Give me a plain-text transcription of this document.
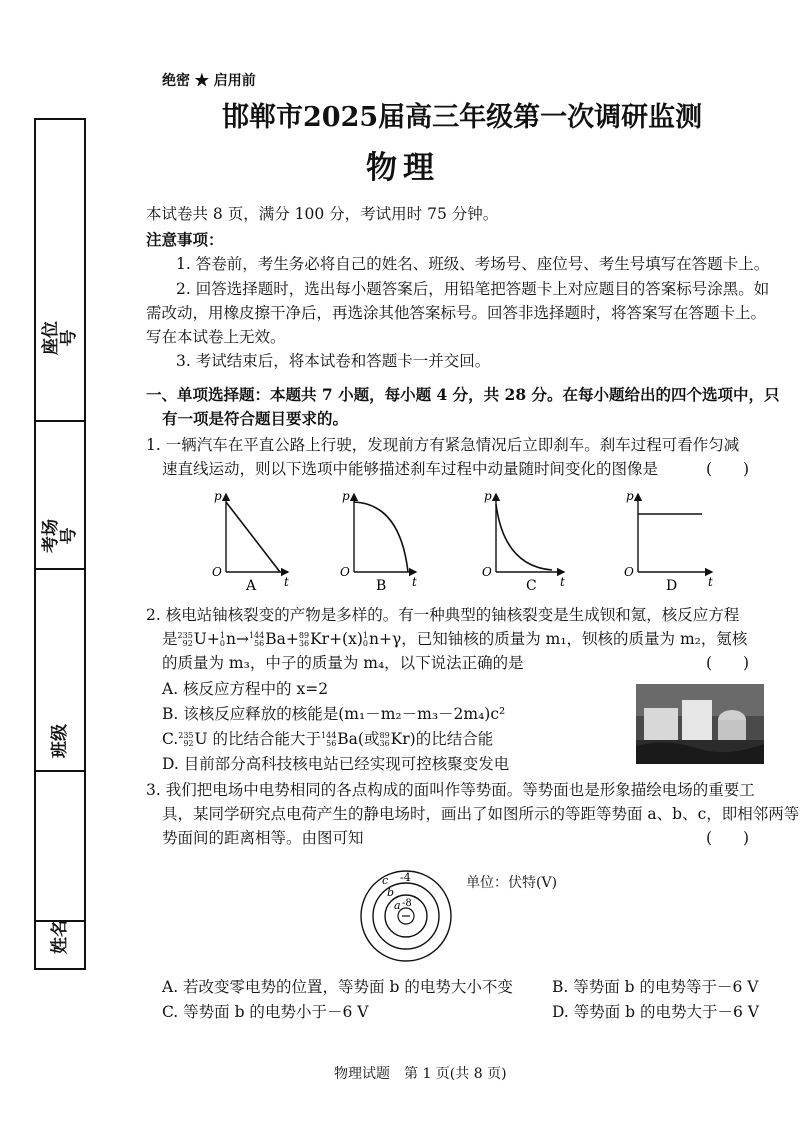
绝密 ★ 启用前
邯郸市2025届高三年级第一次调研监测
物理
座位号
考场号
班级
姓名
本试卷共 8 页，满分 100 分，考试用时 75 分钟。
注意事项：
1. 答卷前，考生务必将自己的姓名、班级、考场号、座位号、考生号填写在答题卡上。
2. 回答选择题时，选出每小题答案后，用铅笔把答题卡上对应题目的答案标号涂黑。如
需改动，用橡皮擦干净后，再选涂其他答案标号。回答非选择题时，将答案写在答题卡上。
写在本试卷上无效。
3. 考试结束后，将本试卷和答题卡一并交回。
一、单项选择题：本题共 7 小题，每小题 4 分，共 28 分。在每小题给出的四个选项中，只
有一项是符合题目要求的。
1. 一辆汽车在平直公路上行驶，发现前方有紧急情况后立即刹车。刹车过程可看作匀减
速直线运动，则以下选项中能够描述刹车过程中动量随时间变化的图像是	(　　)
p
O
t
A
p
O
t
B
p
O
t
C
p
O
t
D
2. 核电站铀核裂变的产物是多样的。有一种典型的铀核裂变是生成钡和氪，核反应方程
是235
92U+1
0n→144
56Ba+89
36Kr+(x)1
0n+γ，已知铀核的质量为 m₁，钡核的质量为 m₂，氪核
的质量为 m₃，中子的质量为 m₄，以下说法正确的是	(　　)
A. 核反应方程中的 x=2
B. 该核反应释放的核能是(m₁－m₂－m₃－2m₄)c²
C.235
92U 的比结合能大于144
56Ba(或89
36Kr)的比结合能
D. 目前部分高科技核电站已经实现可控核聚变发电
3. 我们把电场中电势相同的各点构成的面叫作等势面。等势面也是形象描绘电场的重要工
具，某同学研究点电荷产生的静电场时，画出了如图所示的等距等势面 a、b、c，即相邻两等
势面间的距离相等。由图可知	(　　)
c
b
a
-4
-8
单位：伏特(V)
A. 若改变零电势的位置，等势面 b 的电势大小不变	B. 等势面 b 的电势等于－6 V
C. 等势面 b 的电势小于－6 V	D. 等势面 b 的电势大于－6 V
物理试题　第 1 页(共 8 页)
